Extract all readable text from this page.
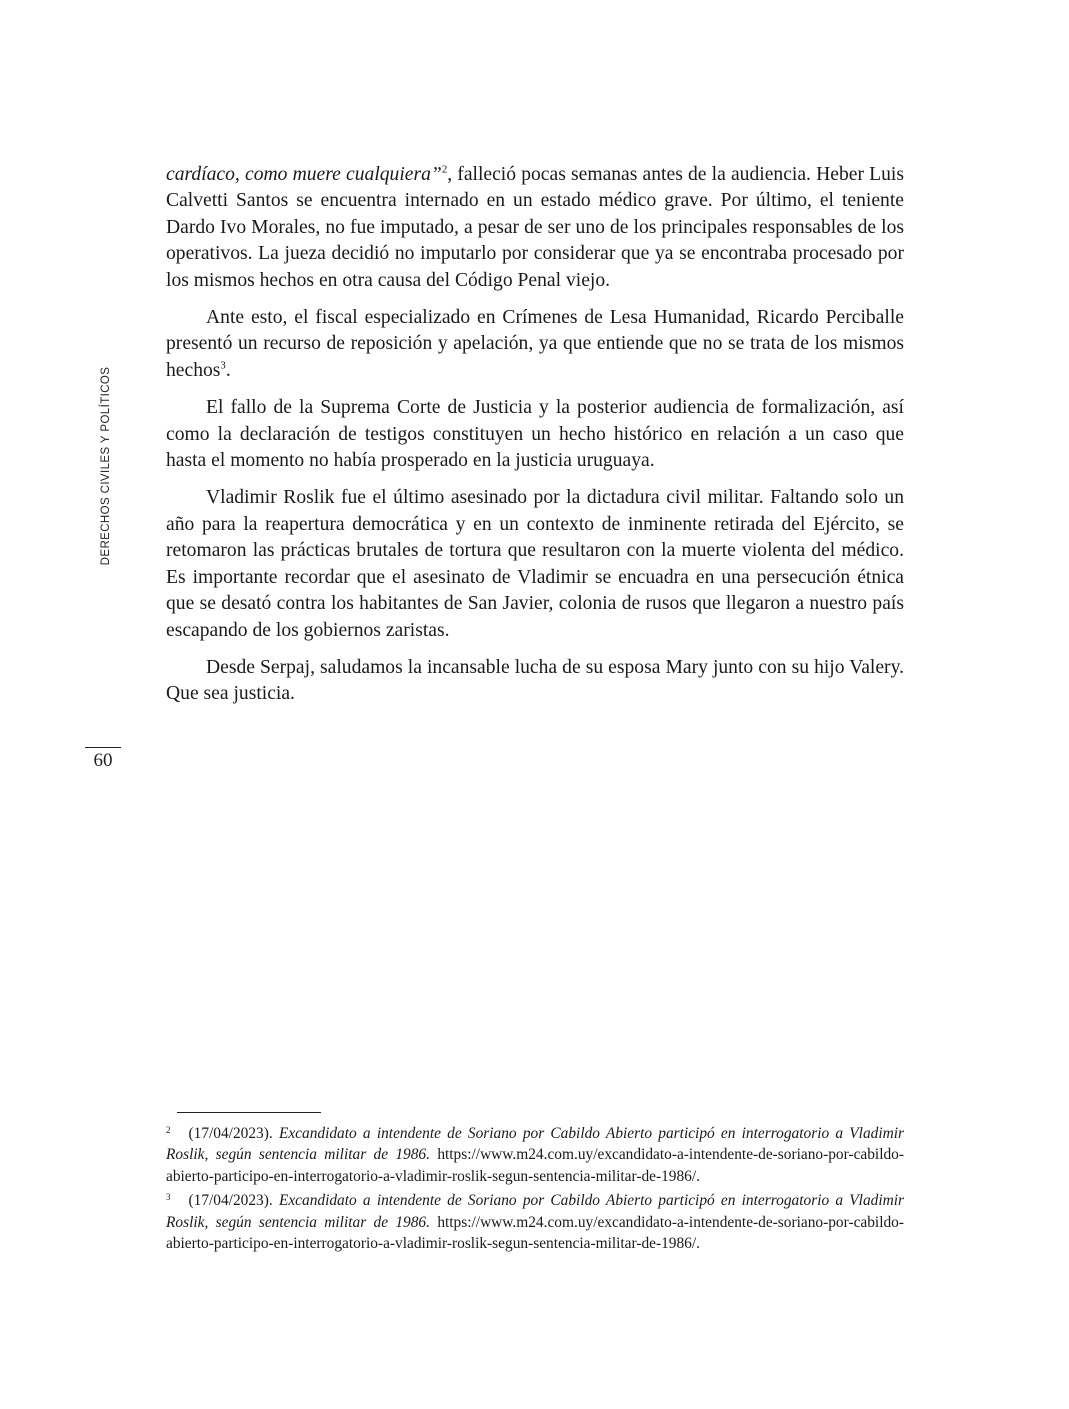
DERECHOS CIVILES Y POLÍTICOS
60

cardíaco, como muere cualquiera”$^2$, falleció pocas semanas antes de la audiencia. Heber Luis Calvetti Santos se encuentra internado en un estado médico grave. Por último, el teniente Dardo Ivo Morales, no fue imputado, a pesar de ser uno de los principales responsables de los operativos. La jueza decidió no imputarlo por considerar que ya se encontraba procesado por los mismos hechos en otra causa del Código Penal viejo.

Ante esto, el fiscal especializado en Crímenes de Lesa Humanidad, Ricardo Perciballe presentó un recurso de reposición y apelación, ya que entiende que no se trata de los mismos hechos$^3$.

El fallo de la Suprema Corte de Justicia y la posterior audiencia de formalización, así como la declaración de testigos constituyen un hecho histórico en relación a un caso que hasta el momento no había prosperado en la justicia uruguaya.

Vladimir Roslik fue el último asesinado por la dictadura civil militar. Faltando solo un año para la reapertura democrática y en un contexto de inminente retirada del Ejército, se retomaron las prácticas brutales de tortura que resultaron con la muerte violenta del médico. Es importante recordar que el asesinato de Vladimir se encuadra en una persecución étnica que se desató contra los habitantes de San Javier, colonia de rusos que llegaron a nuestro país escapando de los gobiernos zaristas.

Desde Serpaj, saludamos la incansable lucha de su esposa Mary junto con su hijo Valery. Que sea justicia.

$^2$ (17/04/2023). Excandidato a intendente de Soriano por Cabildo Abierto participó en interrogatorio a Vladimir Roslik, según sentencia militar de 1986. https://www.m24.com.uy/excandidato-a-intendente-de-soriano-por-cabildo-abierto-participo-en-interrogatorio-a-vladimir-roslik-segun-sentencia-militar-de-1986/.

$^3$ (17/04/2023). Excandidato a intendente de Soriano por Cabildo Abierto participó en interrogatorio a Vladimir Roslik, según sentencia militar de 1986. https://www.m24.com.uy/excandidato-a-intendente-de-soriano-por-cabildo-abierto-participo-en-interrogatorio-a-vladimir-roslik-segun-sentencia-militar-de-1986/.
